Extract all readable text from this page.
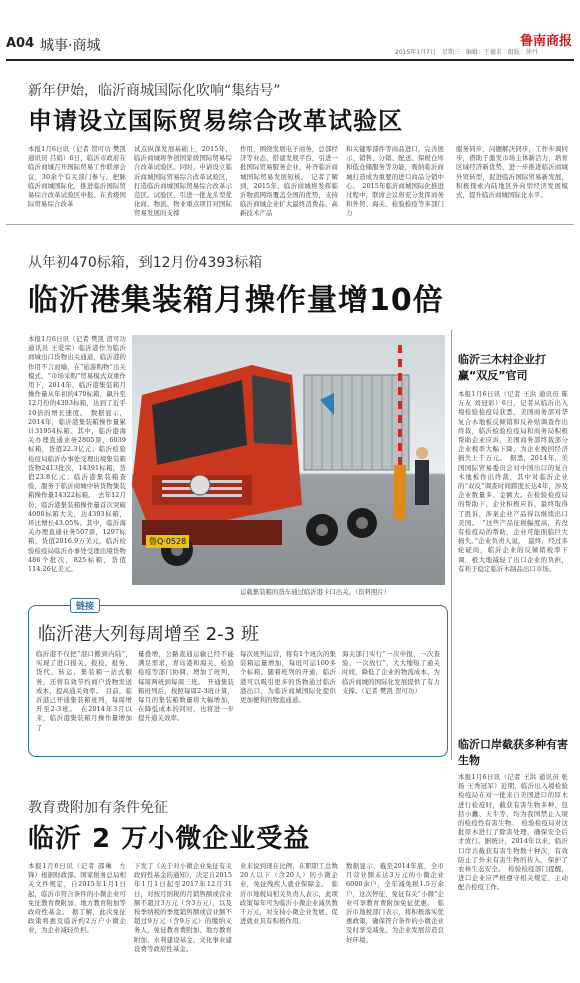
A04 城事·商城	鲁南商报
2015年1月7日　星期三　编辑：王德求　组版：徐丹
新年伊始，临沂商城国际化吹响“集结号”
申请设立国际贸易综合改革试验区
本报1月6日讯（记者 贺可功 樊凯 通讯员 吕娟）6日，临沂市政府在临沂商城召开国际贸易工作联席会议，30余个有关部门参与，把脉临沂商城国际化，推进临沂国际贸易综合改革试验区申报。在省级国际贸易综合改革
试点纵深发展基础上，2015年，临沂商城将争创国家级国际贸易综合改革试验区。同时，申请设立临沂商城国际贸易综合改革试验区，打造临沂商城国际贸易综合改革示范区。试验区，引进一批龙头型优化商、物流、物业重点项目对国际贸易发展的支撑
作用，围绕发展电子商务，总部经济等业态，搭建发展平台，引进一批国际贸易服务企业，补齐临沂商城国际贸易发展短板。　记者了解到，2015年，临沂商城将发挥临沂物流网络覆盖全国的优势，支持临沂商城企业扩大最终消费品、高新技术产品
和关键零部件等商品进口，完善展示、销售、分销、配送、保税仓库和低仓储服务等功能，吸纳临沂商城打造成为重要的进口商品分销中心。　2015年临沂商城国际化推进过程中，联席会议将充分发挥商务和外贸、海关、检验检疫等多部门力
服务同步，问题解决同步，工作步调同步，借助于激发市场主体新活力，培育区域经济新优势，进一步推进临沂商城外贸转型，促进临沂国际贸易新发展，积极探索内陆地区外向型经济发展模式，提升临沂商城国际化水平。
从年初470标箱，到12月份4393标箱
临沂港集装箱月操作量增10倍
本报1月6日讯（记者 樊凯 贺可功 通讯员 王爱荣）临沂港作为临沂商城出口货物出关通道，临沂港的作用不言而喻，在“旅游购物”出关模式、“市场采购”贸易模式双重作用下，2014年，临沂港集装箱月操作量从年初的470标箱，飙升至12月份的4393标箱，达到了近乎10倍的增长速度。　数据显示，2014年，临沂港集装箱操作量累计31954标箱。其中，临沂港海关办理直通业务2805票，6039标箱，货值22.3亿元；临沂检验检疫局临沂办事处受理出境集装箱货物2413批次，14391标箱，货值23.8亿元；临沂港集装箱查验，服务于临沂商城中转货物集装箱操作量14322标箱。　去年12月份，临沂港集装箱操作量首次突破4000标箱大关，达4393标箱，环比增长43.05%。其中，临沂海关办理直通业务507票，1297标箱，货值2016.9万美元，临沂检验检疫局临沂办事处受理出境货物486个批次，825标箱，货值114.26亿美元。
鲁Q·0528
运载集装箱的货车通过临沂港卡口出关。（资料照片）
链接
临沂港大列每周增至 2-3 班
临沂港不仅把“港口搬到内陆”，实现了进口报关、报检、报务、货代、转运、集装箱一站式服务，还将有效节约商户货物发送成本，提高通关效率。　目前，临沂港已开通集装箱班列，每周增开至2-3班。　在2014年3月以来，临沂港集装箱月操作量增加了
量叠增，公路直通运输已经不能满足需求，青岛港和海关、检验检疫等部门协调，增加了班列，每周两班到每周三班。　开通集装箱班列后，按照每周2-3班计算，每月的集装箱数量将大幅增加，在降低成本的同时，也将进一步提升通关效率。
每次班列运营，将有1个班次的集装箱运量增加，每班可运100多个标箱。随着班列的开通，临沂港可以吸引更多的货物通过临沂港出口，为临沂商城国际化提供更加便利的物流通道。
海关部门实行“一次申报、一次查验、一次放行”，大大缩短了通关时间，降低了企业的物流成本，为临沂商城的国际化发展提供了有力支撑。（记者 樊凯 贺可功）
临沂三木村企业打赢“双反”官司
本报1月6日讯（记者 王洪 通讯员 陈万友 刘冠彩）6日，记者从临沂出入境检验检疫局获悉，美国商务部对华复合木地板反倾销和反补贴调查作出终裁，临沂检验检疫局和商务局积极帮助企业应诉，美国商务部终裁部分企业税率大幅下降，为企业挽回经济损失上千万元。　据悉，2014年，美国国际贸易委员会对中国出口的复合木地板作出终裁，其中对临沂企业的“双反”调查时间跨度长达4年，涉及企业数量多、金额大。在检验检疫局的帮助下，企业积极应诉，最终取得了胜诉，涉案企业产品得以继续出口美国。　“这些产品征税幅度高，若没有检疫局的帮助，企业可能面临巨大损失。”企业负责人说。　最终，经过多轮磋商，临沂企业的反倾销税率下调，极大地减轻了出口企业的负担，有利于稳定临沂木制品出口市场。
临沂口岸截获多种有害生物
本报1月6日讯（记者 王洪 通讯员 张扬 王秀冠军）近期，临沂出入境检验检疫局在对一批来自美国进口的原木进行检疫时，截获有害生物多种，包括小蠹、天牛等，均为我国禁止入境的检疫性有害生物。　检验检疫局对这批原木进行了除害处理，确保安全后才放行。据统计，2014年以来，临沂口岸共截获有害生物数十种次，有效防止了外来有害生物的传入，保护了农林生态安全。　检验检疫部门提醒，进口企业应严格遵守相关规定，主动配合检疫工作。
教育费附加有条件免征
临沂 2 万小微企业受益
本报1月6日讯（记者 邵琳　左锋）根据财政部、国家税务总局相关文件规定，自2015年1月1日起，临沂市符合条件的小微企业可免征教育费附加、地方教育附加等政府性基金。　据了解，此次免征政策将惠及临沂约2万户小微企业，为企业减轻负担。
下发了《关于对小微企业免征有关政府性基金的通知》，决定自2015年1月1日起至2017年12月31日，对按月纳税的月销售额或营业额不超过3万元（含3万元），以及按季纳税的季度销售额或营业额不超过9万元（含9万元）的缴纳义务人，免征教育费附加、地方教育附加、水利建设基金、文化事业建设费等政府性基金。
业来说到现在比例，在职职工总数20人以下（含20人）的小微企业，免征残疾人就业保障金。　临沂市地税局相关负责人表示，此项政策每年可为临沂小微企业减负数千万元，对支持小微企业发展、促进就业具有积极作用。
数据显示，截至2014年底，全市月营业额未达3万元的小微企业6000余户，全年减免税1.5万余户，这次停征、免征有关“小微”企业可享教育费附加免征优惠。　临沂市地税部门表示，将积极落实优惠政策，确保符合条件的小微企业及时享受减免，为企业发展营造良好环境。
